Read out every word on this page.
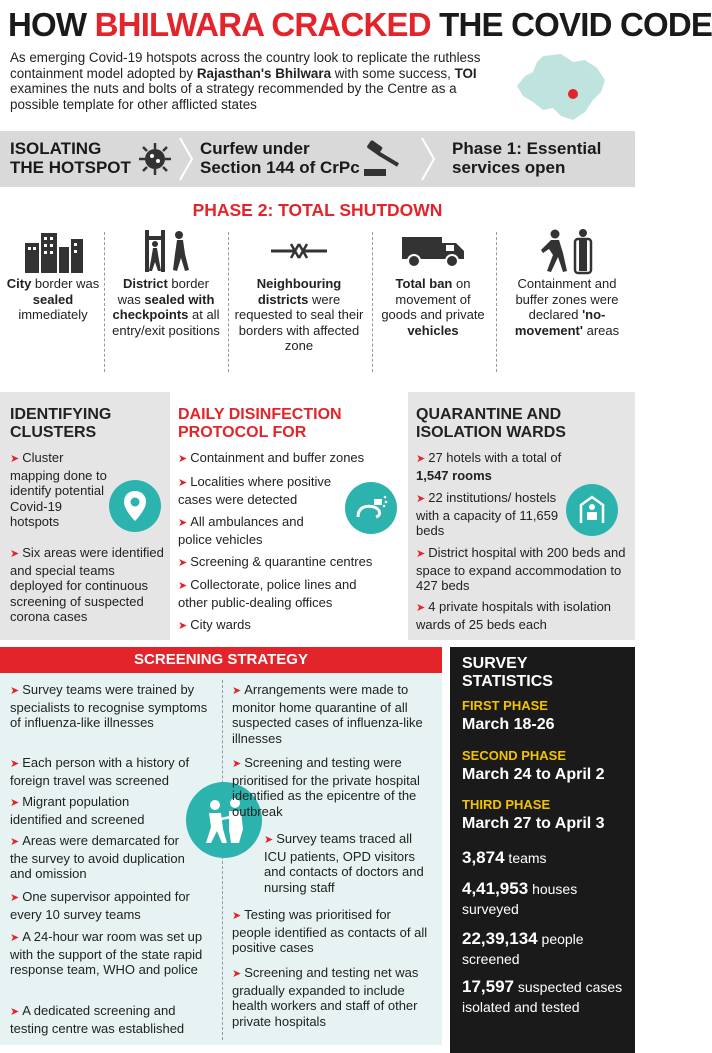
HOW BHILWARA CRACKED THE COVID CODE
As emerging Covid-19 hotspots across the country look to replicate the ruthless containment model adopted by Rajasthan's Bhilwara with some success, TOI examines the nuts and bolts of a strategy recommended by the Centre as a possible template for other afflicted states
ISOLATING THE HOTSPOT
Curfew under Section 144 of CrPc
Phase 1: Essential services open
PHASE 2: TOTAL SHUTDOWN
City border was sealed immediately
District border was sealed with checkpoints at all entry/exit positions
Neighbouring districts were requested to seal their borders with affected zone
Total ban on movement of goods and private vehicles
Containment and buffer zones were declared 'no-movement' areas
IDENTIFYING CLUSTERS
➤ Cluster mapping done to identify potential Covid-19 hotspots
➤ Six areas were identified and special teams deployed for continuous screening of suspected corona cases
DAILY DISINFECTION PROTOCOL FOR
➤ Containment and buffer zones
➤ Localities where positive cases were detected
➤ All ambulances and police vehicles
➤ Screening & quarantine centres
➤ Collectorate, police lines and other public-dealing offices
➤ City wards
QUARANTINE AND ISOLATION WARDS
➤ 27 hotels with a total of 1,547 rooms
➤ 22 institutions/ hostels with a capacity of 11,659 beds
➤ District hospital with 200 beds and space to expand accommodation to 427 beds
➤ 4 private hospitals with isolation wards of 25 beds each
SCREENING STRATEGY
➤ Survey teams were trained by specialists to recognise symptoms of influenza-like illnesses
➤ Each person with a history of foreign travel was screened
➤ Migrant population identified and screened
➤ Areas were demarcated for the survey to avoid duplication and omission
➤ One supervisor appointed for every 10 survey teams
➤ A 24-hour war room was set up with the support of the state rapid response team, WHO and police
➤ A dedicated screening and testing centre was established
➤ Arrangements were made to monitor home quarantine of all suspected cases of influenza-like illnesses
➤ Screening and testing were prioritised for the private hospital identified as the epicentre of the outbreak
➤ Survey teams traced all ICU patients, OPD visitors and contacts of doctors and nursing staff
➤ Testing was prioritised for people identified as contacts of all positive cases
➤ Screening and testing net was gradually expanded to include health workers and staff of other private hospitals
SURVEY STATISTICS
FIRST PHASE
March 18-26
SECOND PHASE
March 24 to April 2
THIRD PHASE
March 27 to April 3
3,874 teams
4,41,953 houses surveyed
22,39,134 people screened
17,597 suspected cases isolated and tested
